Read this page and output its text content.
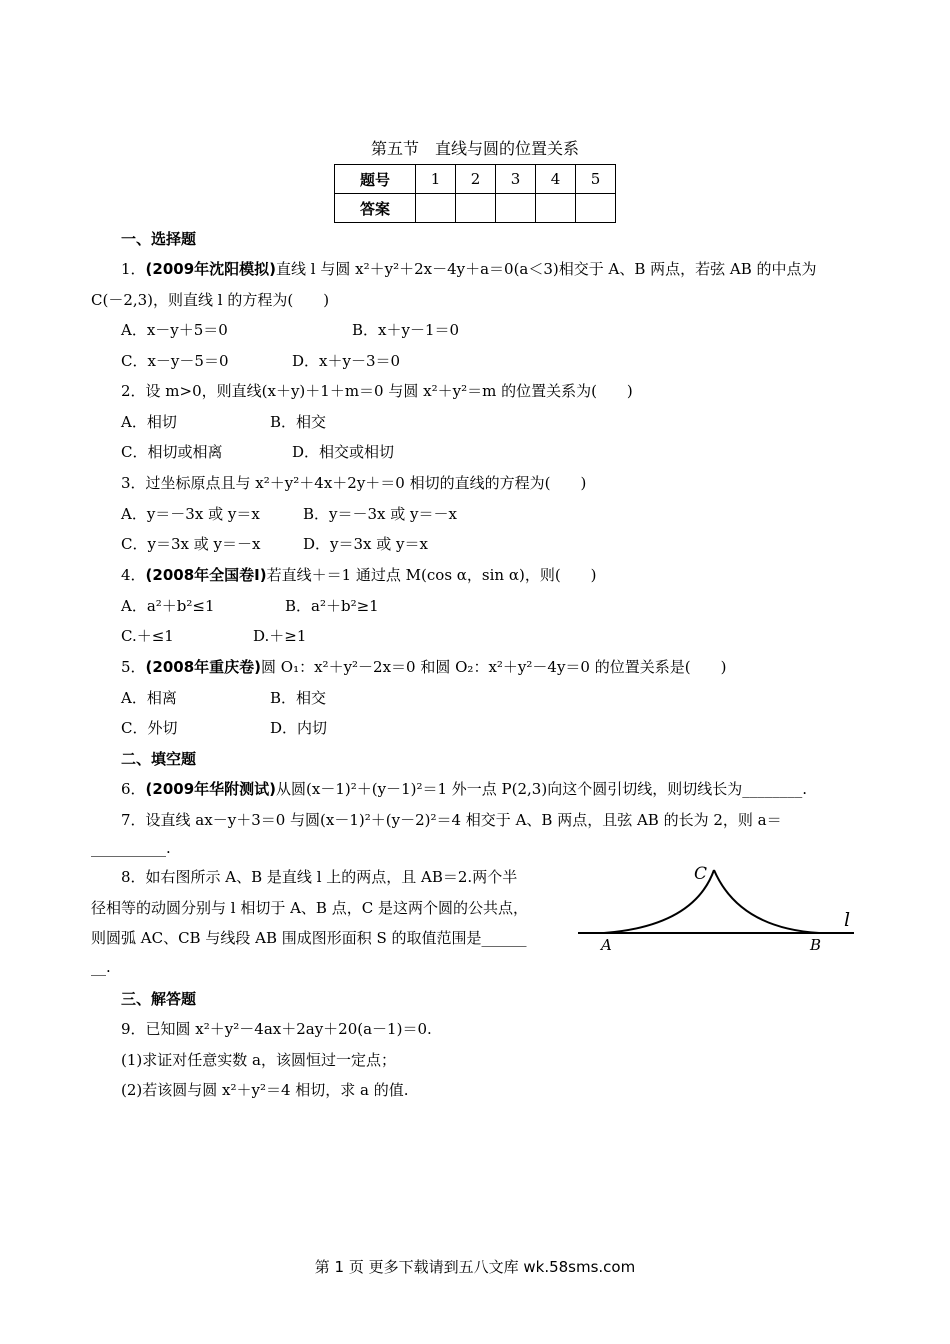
第五节　直线与圆的位置关系
题号	1	2	3	4	5
答案					
一、选择题
1．(2009年沈阳模拟)直线 l 与圆 x²＋y²＋2x－4y＋a＝0(a＜3)相交于 A、B 两点，若弦 AB 的中点为
C(－2,3)，则直线 l 的方程为(　　)
A．x－y＋5＝0	B．x＋y－1＝0
C．x－y－5＝0	D．x＋y－3＝0
2．设 m>0，则直线(x＋y)＋1＋m＝0 与圆 x²＋y²＝m 的位置关系为(　　)
A．相切	B．相交
C．相切或相离	D．相交或相切
3．过坐标原点且与 x²＋y²＋4x＋2y＋＝0 相切的直线的方程为(　　)
A．y＝－3x 或 y＝x	B．y＝－3x 或 y＝－x
C．y＝3x 或 y＝－x	D．y＝3x 或 y＝x
4．(2008年全国卷Ⅰ)若直线＋＝1 通过点 M(cos α，sin α)，则(　　)
A．a²＋b²≤1	B．a²＋b²≥1
C.＋≤1	D.＋≥1
5．(2008年重庆卷)圆 O₁：x²＋y²－2x＝0 和圆 O₂：x²＋y²－4y＝0 的位置关系是(　　)
A．相离	B．相交
C．外切	D．内切
二、填空题
6．(2009年华附测试)从圆(x－1)²＋(y－1)²＝1 外一点 P(2,3)向这个圆引切线，则切线长为________.
7．设直线 ax－y＋3＝0 与圆(x－1)²＋(y－2)²＝4 相交于 A、B 两点，且弦 AB 的长为 2，则 a＝
__________.
8．如右图所示 A、B 是直线 l 上的两点，且 AB＝2.两个半
径相等的动圆分别与 l 相切于 A、B 点，C 是这两个圆的公共点，
则圆弧 AC、CB 与线段 AB 围成图形面积 S 的取值范围是______
__.
C
A	B
l
三、解答题
9．已知圆 x²＋y²－4ax＋2ay＋20(a－1)＝0.
(1)求证对任意实数 a，该圆恒过一定点；
(2)若该圆与圆 x²＋y²＝4 相切，求 a 的值.
第 1 页 更多下载请到五八文库 wk.58sms.com
